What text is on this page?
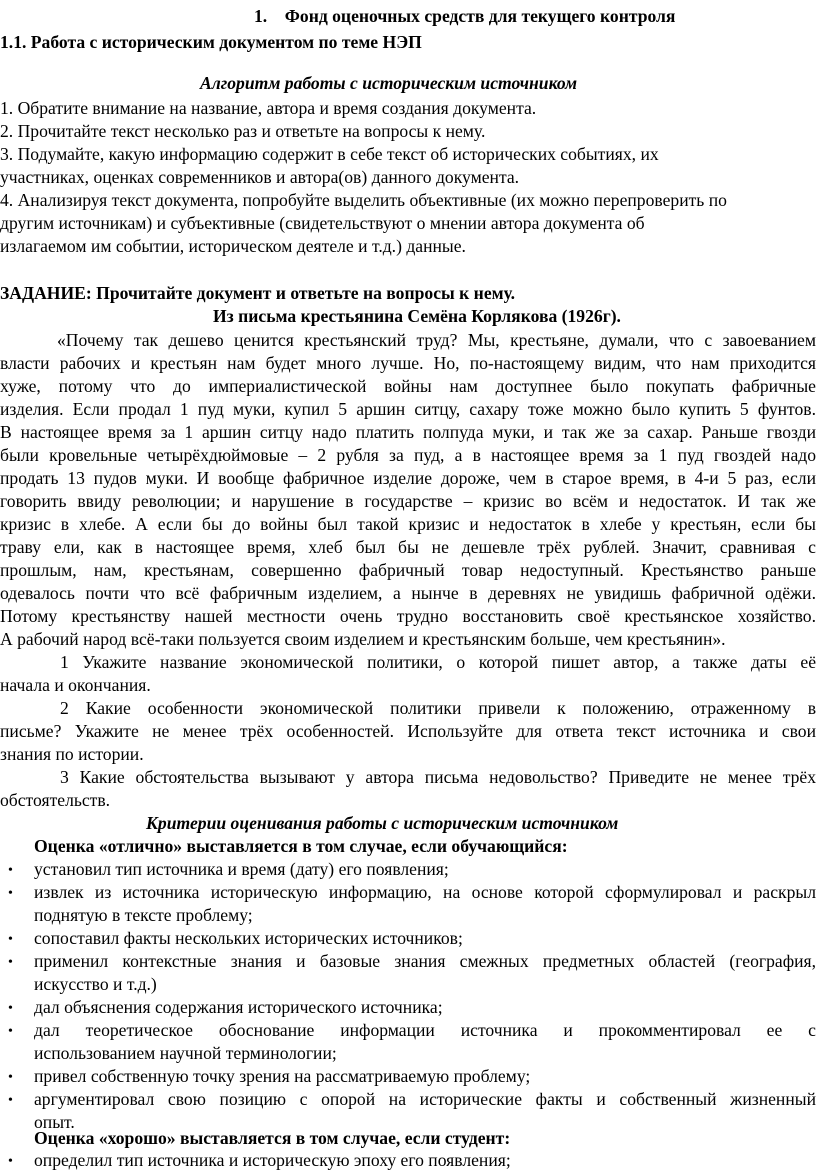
1. Фонд оценочных средств для текущего контроля
1.1. Работа с историческим документом по теме НЭП
Алгоритм работы с историческим источником
1. Обратите внимание на название, автора и время создания документа.
2. Прочитайте текст несколько раз и ответьте на вопросы к нему.
3. Подумайте, какую информацию содержит в себе текст об исторических событиях, их
участниках, оценках современников и автора(ов) данного документа.
4. Анализируя текст документа, попробуйте выделить объективные (их можно перепроверить по
другим источникам) и субъективные (свидетельствуют о мнении автора документа об
излагаемом им событии, историческом деятеле и т.д.) данные.
ЗАДАНИЕ: Прочитайте документ и ответьте на вопросы к нему.
Из письма крестьянина Семёна Корлякова (1926г).
«Почему так дешево ценится крестьянский труд? Мы, крестьяне, думали, что с завоеванием
власти рабочих и крестьян нам будет много лучше. Но, по-настоящему видим, что нам приходится
хуже, потому что до империалистической войны нам доступнее было покупать фабричные
изделия. Если продал 1 пуд муки, купил 5 аршин ситцу, сахару тоже можно было купить 5 фунтов.
В настоящее время за 1 аршин ситцу надо платить полпуда муки, и так же за сахар. Раньше гвозди
были кровельные четырёхдюймовые – 2 рубля за пуд, а в настоящее время за 1 пуд гвоздей надо
продать 13 пудов муки. И вообще фабричное изделие дороже, чем в старое время, в 4-и 5 раз, если
говорить ввиду революции; и нарушение в государстве – кризис во всём и недостаток. И так же
кризис в хлебе. А если бы до войны был такой кризис и недостаток в хлебе у крестьян, если бы
траву ели, как в настоящее время, хлеб был бы не дешевле трёх рублей. Значит, сравнивая с
прошлым, нам, крестьянам, совершенно фабричный товар недоступный. Крестьянство раньше
одевалось почти что всё фабричным изделием, а нынче в деревнях не увидишь фабричной одёжи.
Потому крестьянству нашей местности очень трудно восстановить своё крестьянское хозяйство.
А рабочий народ всё-таки пользуется своим изделием и крестьянским больше, чем крестьянин».
1 Укажите название экономической политики, о которой пишет автор, а также даты её
начала и окончания.
2 Какие особенности экономической политики привели к положению, отраженному в
письме? Укажите не менее трёх особенностей. Используйте для ответа текст источника и свои
знания по истории.
3 Какие обстоятельства вызывают у автора письма недовольство? Приведите не менее трёх
обстоятельств.
Критерии оценивания работы с историческим источником
Оценка «отлично» выставляется в том случае, если обучающийся:
• установил тип источника и время (дату) его появления;
• извлек из источника историческую информацию, на основе которой сформулировал и раскрыл
поднятую в тексте проблему;
• сопоставил факты нескольких исторических источников;
• применил контекстные знания и базовые знания смежных предметных областей (география,
искусство и т.д.)
• дал объяснения содержания исторического источника;
• дал теоретическое обоснование информации источника и прокомментировал ее с
использованием научной терминологии;
• привел собственную точку зрения на рассматриваемую проблему;
• аргументировал свою позицию с опорой на исторические факты и собственный жизненный
опыт.
Оценка «хорошо» выставляется в том случае, если студент:
• определил тип источника и историческую эпоху его появления;
